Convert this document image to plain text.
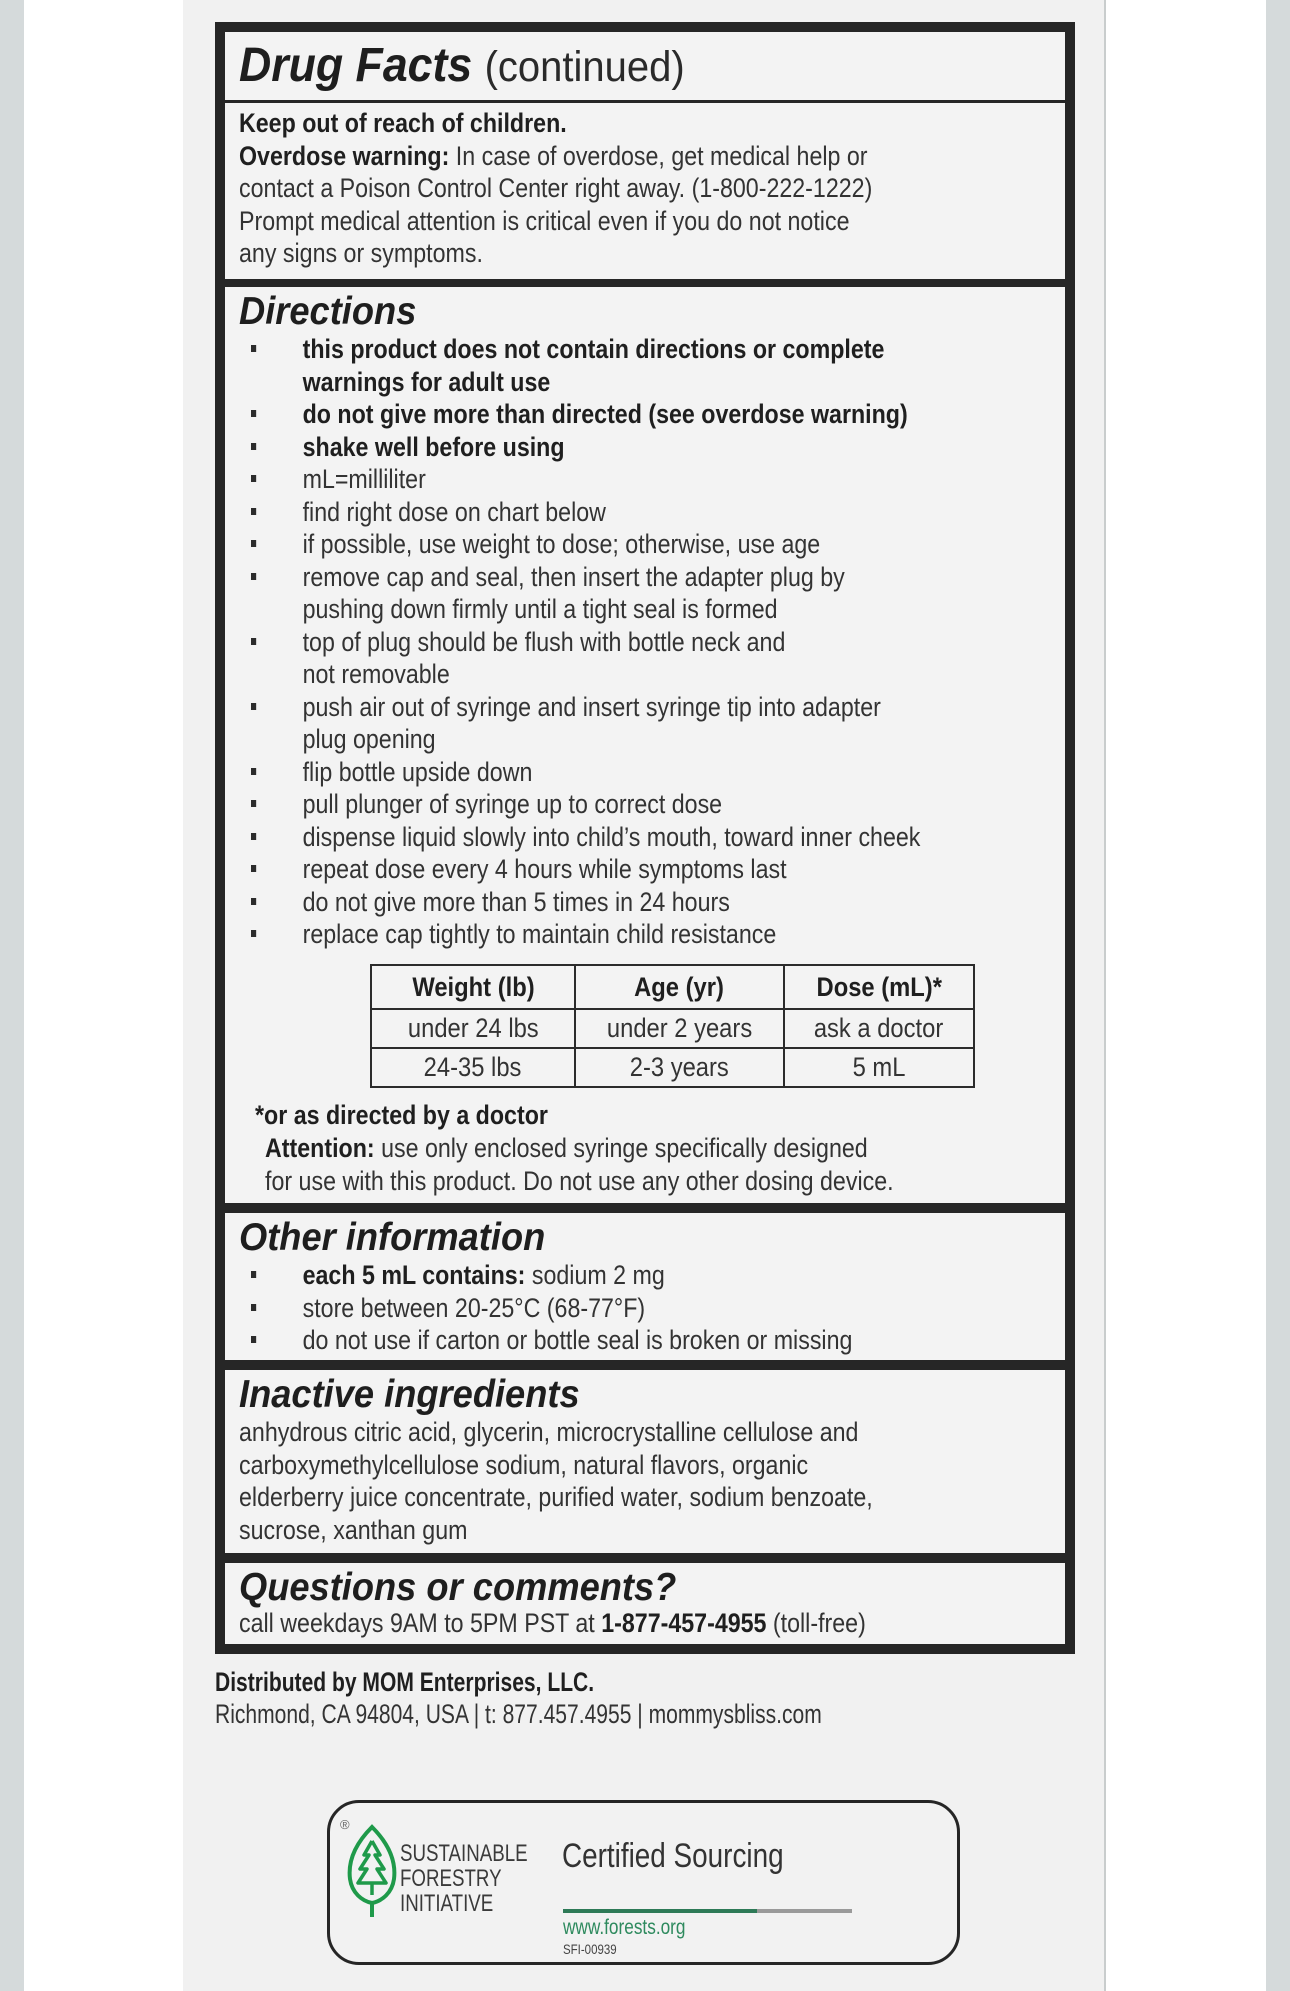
Drug Facts (continued)
Keep out of reach of children.
Overdose warning: In case of overdose, get medical help or
contact a Poison Control Center right away. (1-800-222-1222)
Prompt medical attention is critical even if you do not notice
any signs or symptoms.
Directions
this product does not contain directions or complete
warnings for adult use
do not give more than directed (see overdose warning)
shake well before using
mL=milliliter
find right dose on chart below
if possible, use weight to dose; otherwise, use age
remove cap and seal, then insert the adapter plug by
pushing down firmly until a tight seal is formed
top of plug should be flush with bottle neck and
not removable
push air out of syringe and insert syringe tip into adapter
plug opening
flip bottle upside down
pull plunger of syringe up to correct dose
dispense liquid slowly into child’s mouth, toward inner cheek
repeat dose every 4 hours while symptoms last
do not give more than 5 times in 24 hours
replace cap tightly to maintain child resistance
Weight (lb)	Age (yr)	Dose (mL)*
under 24 lbs	under 2 years	ask a doctor
24-35 lbs	2-3 years	5 mL
*or as directed by a doctor
Attention: use only enclosed syringe specifically designed
for use with this product. Do not use any other dosing device.
Other information
each 5 mL contains: sodium 2 mg
store between 20-25°C (68-77°F)
do not use if carton or bottle seal is broken or missing
Inactive ingredients
anhydrous citric acid, glycerin, microcrystalline cellulose and
carboxymethylcellulose sodium, natural flavors, organic
elderberry juice concentrate, purified water, sodium benzoate,
sucrose, xanthan gum
Questions or comments?
call weekdays 9AM to 5PM PST at 1-877-457-4955 (toll-free)
Distributed by MOM Enterprises, LLC.
Richmond, CA 94804, USA | t: 877.457.4955 | mommysbliss.com
®
SUSTAINABLE
FORESTRY
INITIATIVE
Certified Sourcing
www.forests.org
SFI-00939
